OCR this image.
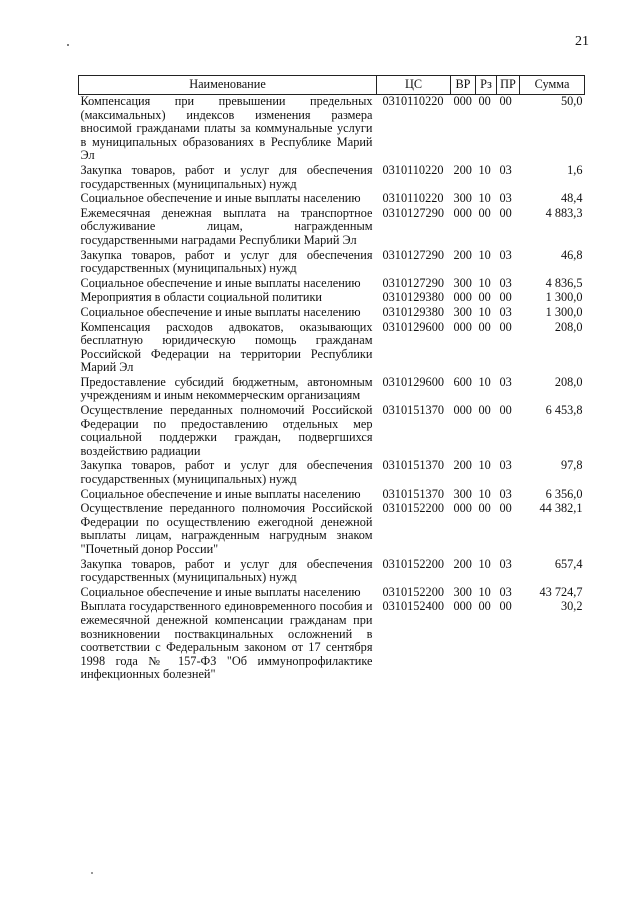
21
Наименование	ЦС	ВР	Рз	ПР	Сумма
Компенсация при превышении предельных (максимальных) индексов изменения размера вносимой гражданами платы за коммунальные услуги в муниципальных образованиях в Республике Марий Эл	0310110220	000	00	00	50,0
Закупка товаров, работ и услуг для обеспечения государственных (муниципальных) нужд	0310110220	200	10	03	1,6
Социальное обеспечение и иные выплаты населению	0310110220	300	10	03	48,4
Ежемесячная денежная выплата на транспортное обслуживание лицам, награжденным государственными наградами Республики Марий Эл	0310127290	000	00	00	4 883,3
Закупка товаров, работ и услуг для обеспечения государственных (муниципальных) нужд	0310127290	200	10	03	46,8
Социальное обеспечение и иные выплаты населению	0310127290	300	10	03	4 836,5
Мероприятия в области социальной политики	0310129380	000	00	00	1 300,0
Социальное обеспечение и иные выплаты населению	0310129380	300	10	03	1 300,0
Компенсация расходов адвокатов, оказывающих бесплатную юридическую помощь гражданам Российской Федерации на территории Республики Марий Эл	0310129600	000	00	00	208,0
Предоставление субсидий бюджетным, автономным учреждениям и иным некоммерческим организациям	0310129600	600	10	03	208,0
Осуществление переданных полномочий Российской Федерации по предоставлению отдельных мер социальной поддержки граждан, подвергшихся воздействию радиации	0310151370	000	00	00	6 453,8
Закупка товаров, работ и услуг для обеспечения государственных (муниципальных) нужд	0310151370	200	10	03	97,8
Социальное обеспечение и иные выплаты населению	0310151370	300	10	03	6 356,0
Осуществление переданного полномочия Российской Федерации по осуществлению ежегодной денежной выплаты лицам, награжденным нагрудным знаком "Почетный донор России"	0310152200	000	00	00	44 382,1
Закупка товаров, работ и услуг для обеспечения государственных (муниципальных) нужд	0310152200	200	10	03	657,4
Социальное обеспечение и иные выплаты населению	0310152200	300	10	03	43 724,7
Выплата государственного единовременного пособия и ежемесячной денежной компенсации гражданам при возникновении поствакцинальных осложнений в соответствии с Федеральным законом от 17 сентября 1998 года № 157-ФЗ "Об иммунопрофилактике инфекционных болезней"	0310152400	000	00	00	30,2
